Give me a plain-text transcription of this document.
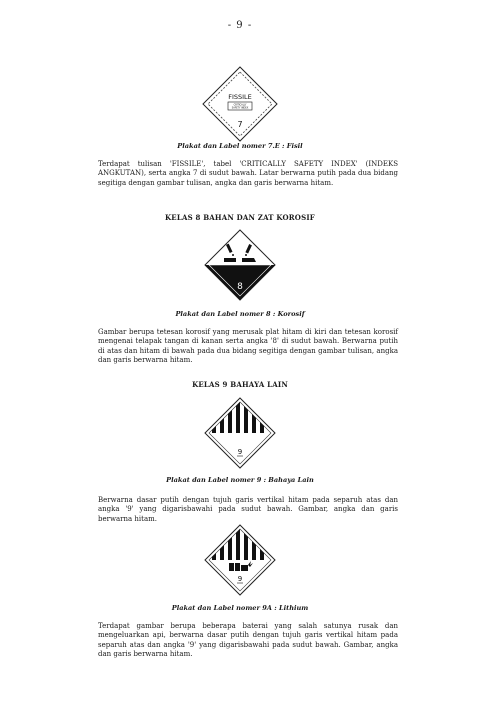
- 9 -
FISSILE
CRITICALLY
SAFETY INDEX
7
Plakat dan Label nomer 7.E : Fisil
Terdapat tulisan 'FISSILE', tabel 'CRITICALLY SAFETY INDEX' (INDEKS ANGKUTAN), serta angka 7 di sudut bawah. Latar berwarna putih pada dua bidang segitiga dengan gambar tulisan, angka dan garis berwarna hitam.
KELAS 8 BAHAN DAN ZAT KOROSIF
8
Plakat dan Label nomer 8 : Korosif
Gambar berupa tetesan korosif yang merusak plat hitam di kiri dan tetesan korosif mengenai telapak tangan di kanan serta angka '8' di sudut bawah. Berwarna putih di atas dan hitam di bawah pada dua bidang segitiga dengan gambar tulisan, angka dan garis berwarna hitam.
KELAS 9 BAHAYA LAIN
9
Plakat dan Label nomer 9 : Bahaya Lain
Berwarna dasar putih dengan tujuh garis vertikal hitam pada separuh atas dan angka '9' yang digarisbawahi pada sudut bawah. Gambar, angka dan garis berwarna hitam.
9
Plakat dan Label nomer 9A : Lithium
Terdapat gambar berupa beberapa baterai yang salah satunya rusak dan mengeluarkan api, berwarna dasar putih dengan tujuh garis vertikal hitam pada separuh atas dan angka '9' yang digarisbawahi pada sudut bawah. Gambar, angka dan garis berwarna hitam.
